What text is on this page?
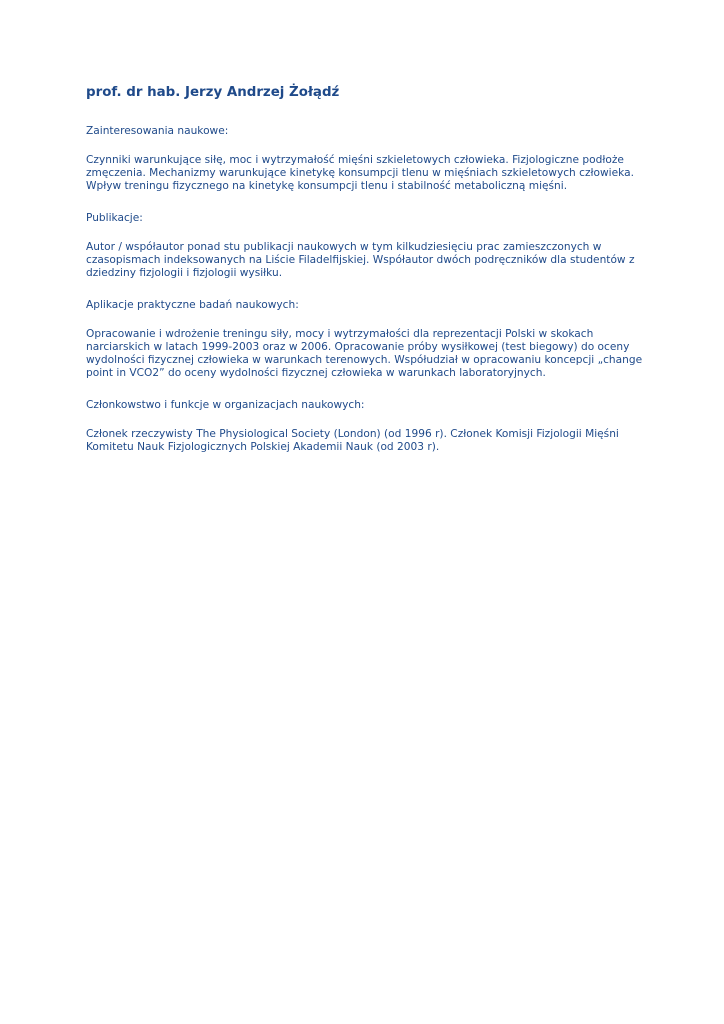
prof. dr hab. Jerzy Andrzej Żołądź
Zainteresowania naukowe:

Czynniki warunkujące siłę, moc i wytrzymałość mięśni szkieletowych człowieka. Fizjologiczne podłoże
zmęczenia. Mechanizmy warunkujące kinetykę konsumpcji tlenu w mięśniach szkieletowych człowieka.
Wpływ treningu fizycznego na kinetykę konsumpcji tlenu i stabilność metaboliczną mięśni.

Publikacje:

Autor / współautor ponad stu publikacji naukowych w tym kilkudziesięciu prac zamieszczonych w
czasopismach indeksowanych na Liście Filadelfijskiej. Współautor dwóch podręczników dla studentów z
dziedziny fizjologii i fizjologii wysiłku.

Aplikacje praktyczne badań naukowych:

Opracowanie i wdrożenie treningu siły, mocy i wytrzymałości dla reprezentacji Polski w skokach
narciarskich w latach 1999-2003 oraz w 2006. Opracowanie próby wysiłkowej (test biegowy) do oceny
wydolności fizycznej człowieka w warunkach terenowych. Współudział w opracowaniu koncepcji „change
point in VCO2” do oceny wydolności fizycznej człowieka w warunkach laboratoryjnych.

Członkowstwo i funkcje w organizacjach naukowych:

Członek rzeczywisty The Physiological Society (London) (od 1996 r). Członek Komisji Fizjologii Mięśni
Komitetu Nauk Fizjologicznych Polskiej Akademii Nauk (od 2003 r).
